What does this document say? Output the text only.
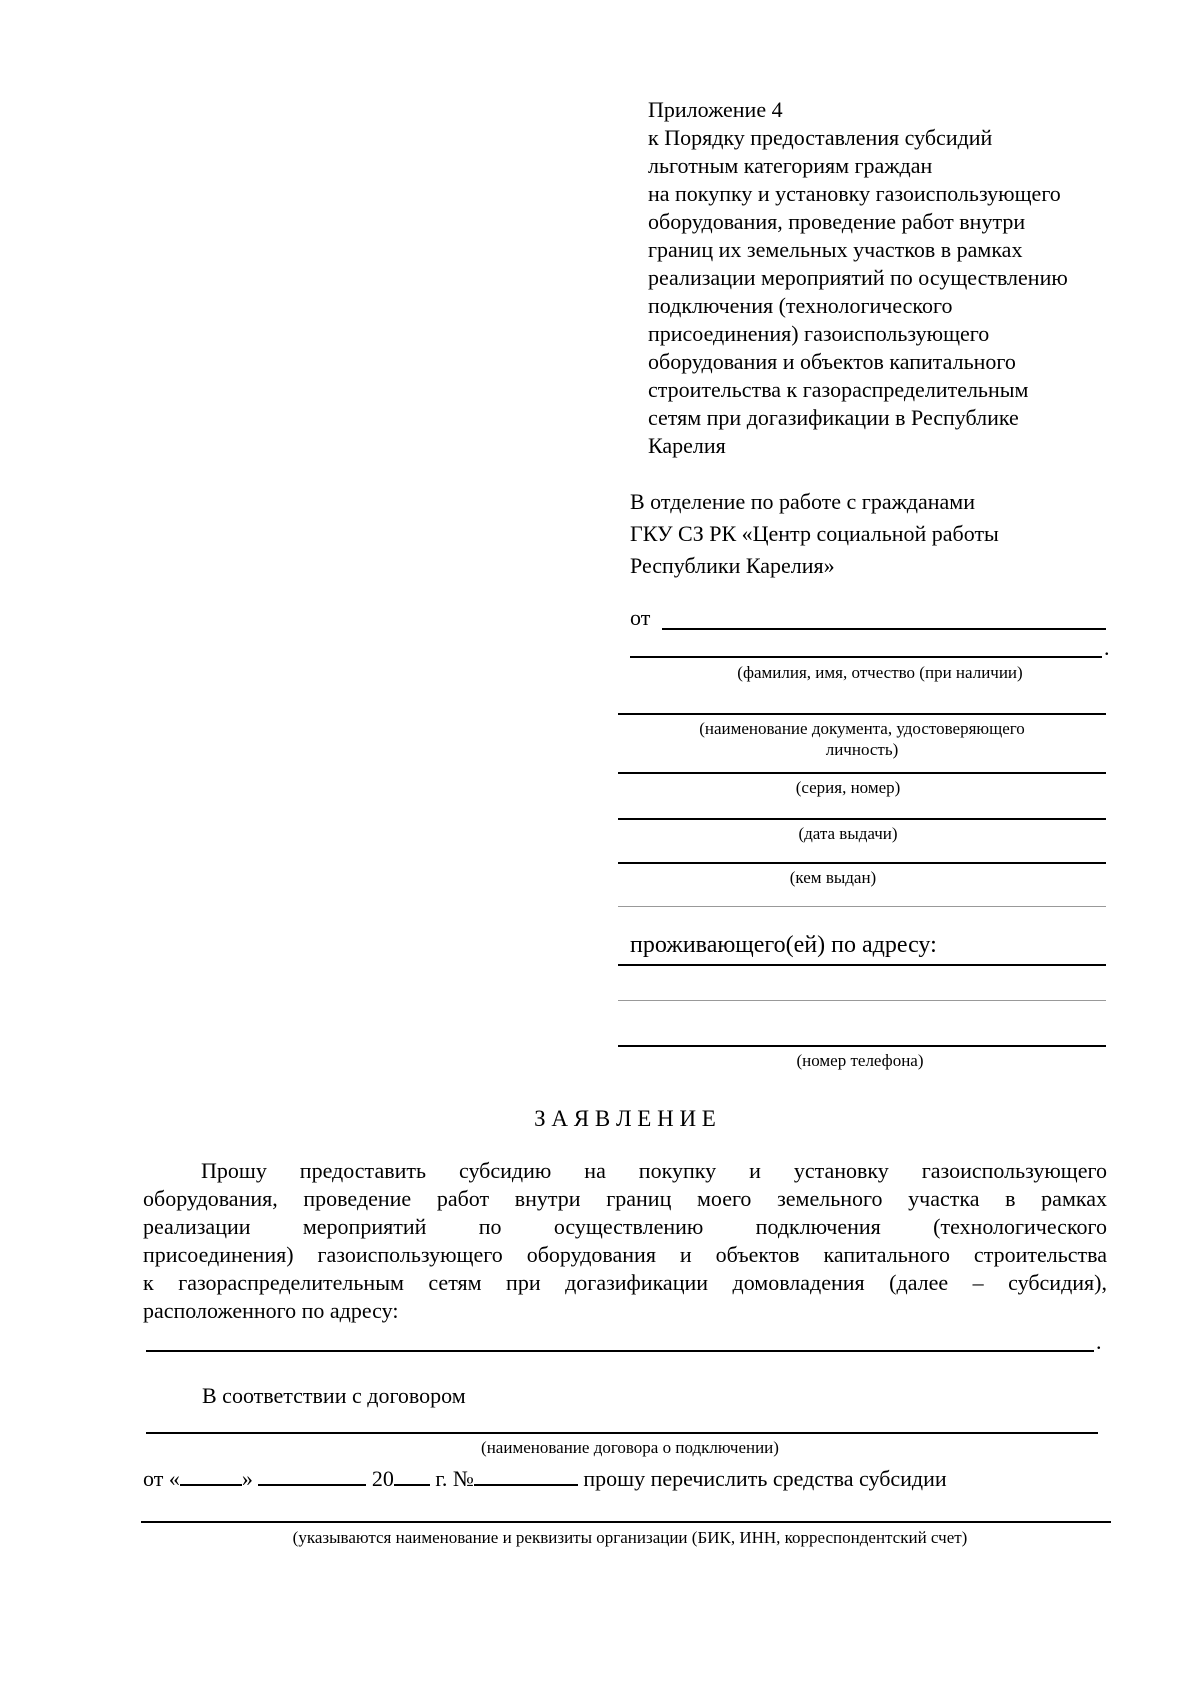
Приложение 4
к Порядку предоставления субсидий
льготным категориям граждан
на покупку и установку газоиспользующего
оборудования, проведение работ внутри
границ их земельных участков в рамках
реализации мероприятий по осуществлению
подключения (технологического
присоединения) газоиспользующего
оборудования и объектов капитального
строительства к газораспределительным
сетям при догазификации в Республике
Карелия
В отделение по работе с гражданами
ГКУ СЗ РК «Центр социальной работы
Республики Карелия»
от
.
(фамилия, имя, отчество (при наличии)
(наименование документа, удостоверяющего
личность)
(серия, номер)
(дата выдачи)
(кем выдан)
проживающего(ей) по адресу:
(номер телефона)
З А Я В Л Е Н И Е
Прошу предоставить субсидию на покупку и установку газоиспользующего
оборудования, проведение работ внутри границ моего земельного участка в рамках
реализации мероприятий по осуществлению подключения (технологического
присоединения) газоиспользующего оборудования и объектов капитального строительства
к газораспределительным сетям при догазификации домовладения (далее – субсидия),
расположенного по адресу:
.
В соответствии с договором
(наименование договора о подключении)
от «	»	20 г. №	прошу перечислить средства субсидии
(указываются наименование и реквизиты организации (БИК, ИНН, корреспондентский счет)
